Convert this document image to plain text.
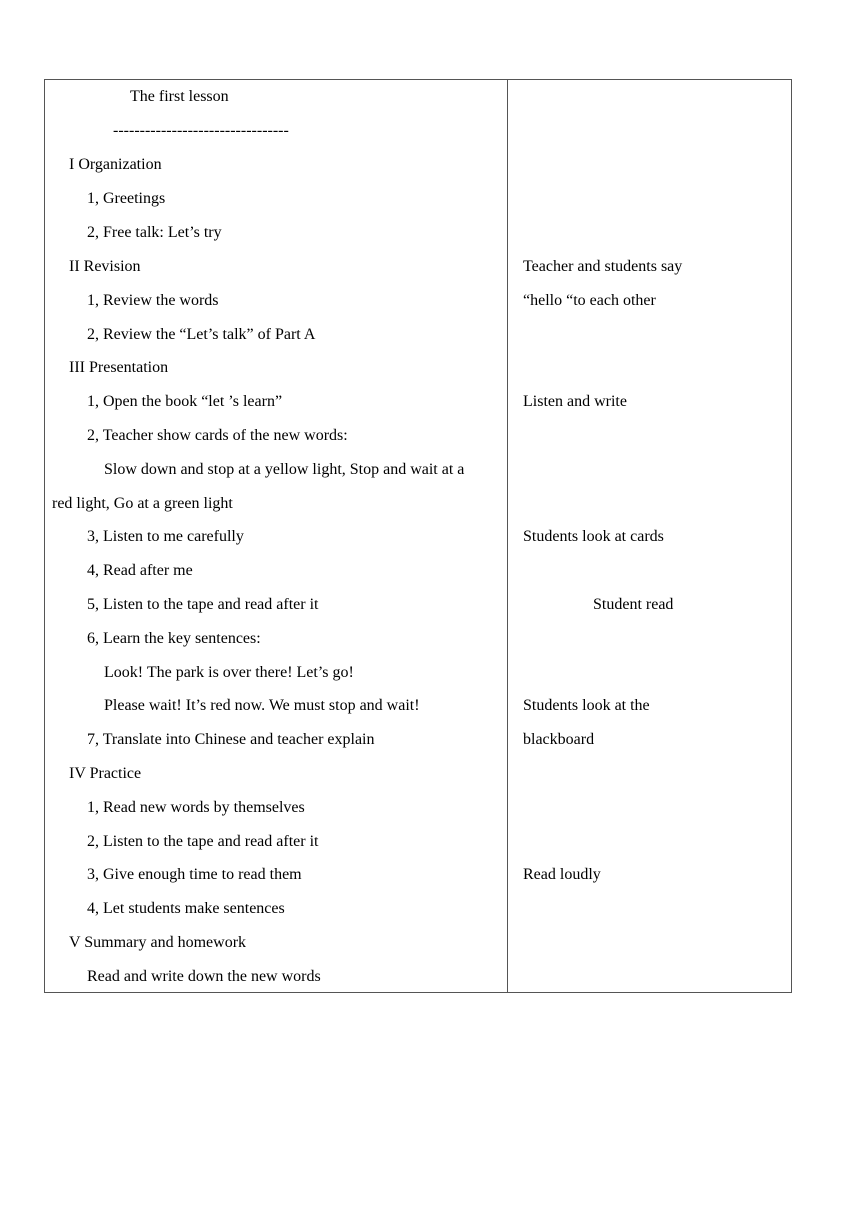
The first lesson
---------------------------------
I Organization
1, Greetings
2, Free talk: Let’s try
II Revision
1, Review the words
2, Review the “Let’s talk” of Part A
III Presentation
1, Open the book “let ’s learn”
2, Teacher show cards of the new words:
Slow down and stop at a yellow light, Stop and wait at a
red light, Go at a green light
3, Listen to me carefully
4, Read after me
5, Listen to the tape and read after it
6, Learn the key sentences:
Look! The park is over there! Let’s go!
Please wait! It’s red now. We must stop and wait!
7, Translate into Chinese and teacher explain
IV Practice
1, Read new words by themselves
2, Listen to the tape and read after it
3, Give enough time to read them
4, Let students make sentences
V Summary and homework
Read and write down the new words
Teacher and students say
“hello “to each other
Listen and write
Students look at cards
Student read
Students look at the
blackboard
Read loudly
